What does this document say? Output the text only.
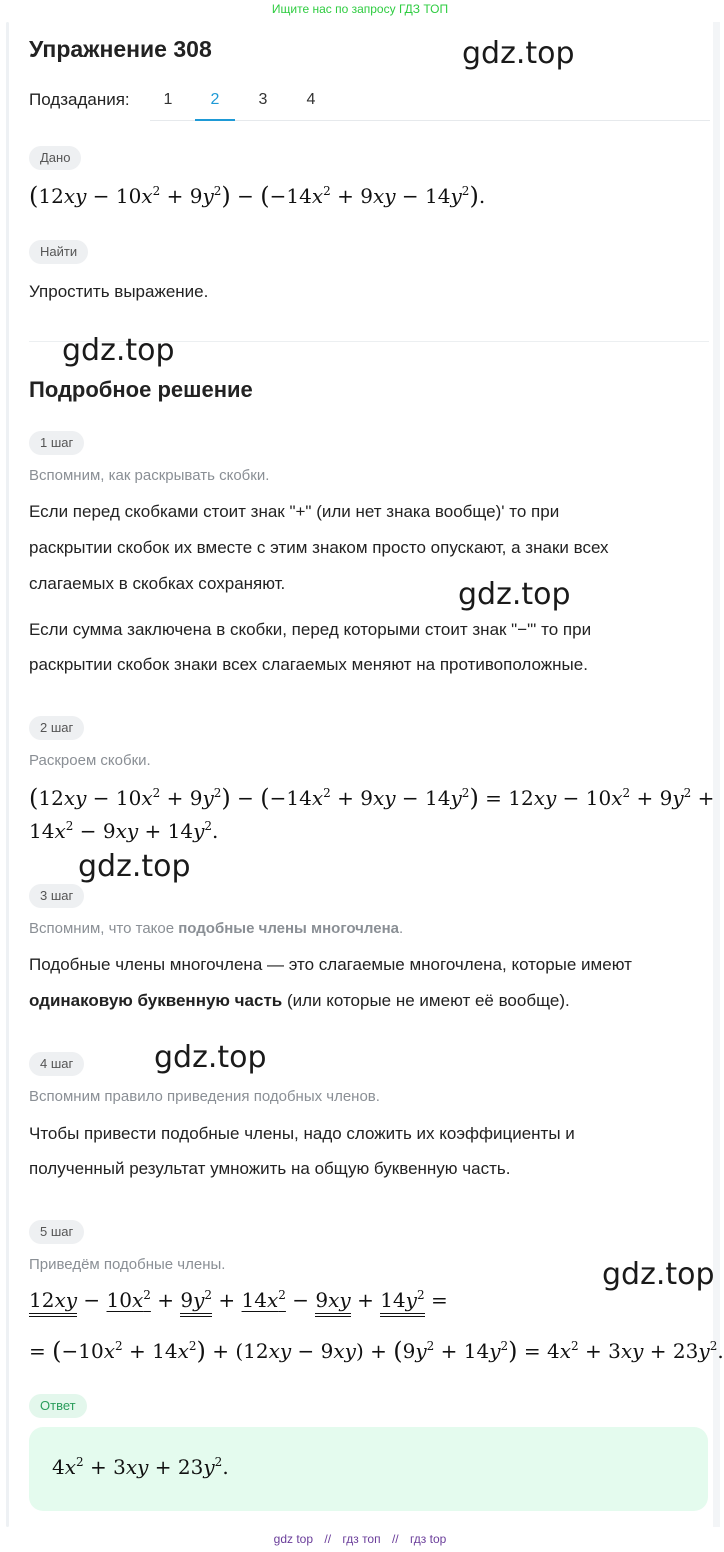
Ищите нас по запросу ГДЗ ТОП
Упражнение 308	gdz.top
Подзадания:	1	2	3	4
Дано
$(12xy - 10x^2 + 9y^2) - (-14x^2 + 9xy - 14y^2)$.
Найти
Упростить выражение.
gdz.top
Подробное решение
1 шаг
Вспомним, как раскрывать скобки.
Если перед скобками стоит знак "+" (или нет знака вообще)' то при
раскрытии скобок их вместе с этим знаком просто опускают, а знаки всех
слагаемых в скобках сохраняют.	gdz.top
Если сумма заключена в скобки, перед которыми стоит знак "−"' то при
раскрытии скобок знаки всех слагаемых меняют на противоположные.
2 шаг
Раскроем скобки.
$(12xy - 10x^2 + 9y^2) - (-14x^2 + 9xy - 14y^2) = 12xy - 10x^2 + 9y^2$ +
$14x^2 - 9xy + 14y^2$.
gdz.top
3 шаг
Вспомним, что такое подобные члены многочлена.
Подобные члены многочлена — это слагаемые многочлена, которые имеют
одинаковую буквенную часть (или которые не имеют её вообще).
4 шаг	gdz.top
Вспомним правило приведения подобных членов.
Чтобы привести подобные члены, надо сложить их коэффициенты и
полученный результат умножить на общую буквенную часть.
5 шаг
Приведём подобные члены.	gdz.top
$12xy - 10x^2 + 9y^2 + 14x^2 - 9xy + 14y^2$ =
= $(-10x^2 + 14x^2) + (12xy - 9xy) + (9y^2 + 14y^2) = 4x^2 + 3xy + 23y^2$.
Ответ
$4x^2 + 3xy + 23y^2$.
gdz top // гдз топ // гдз top
